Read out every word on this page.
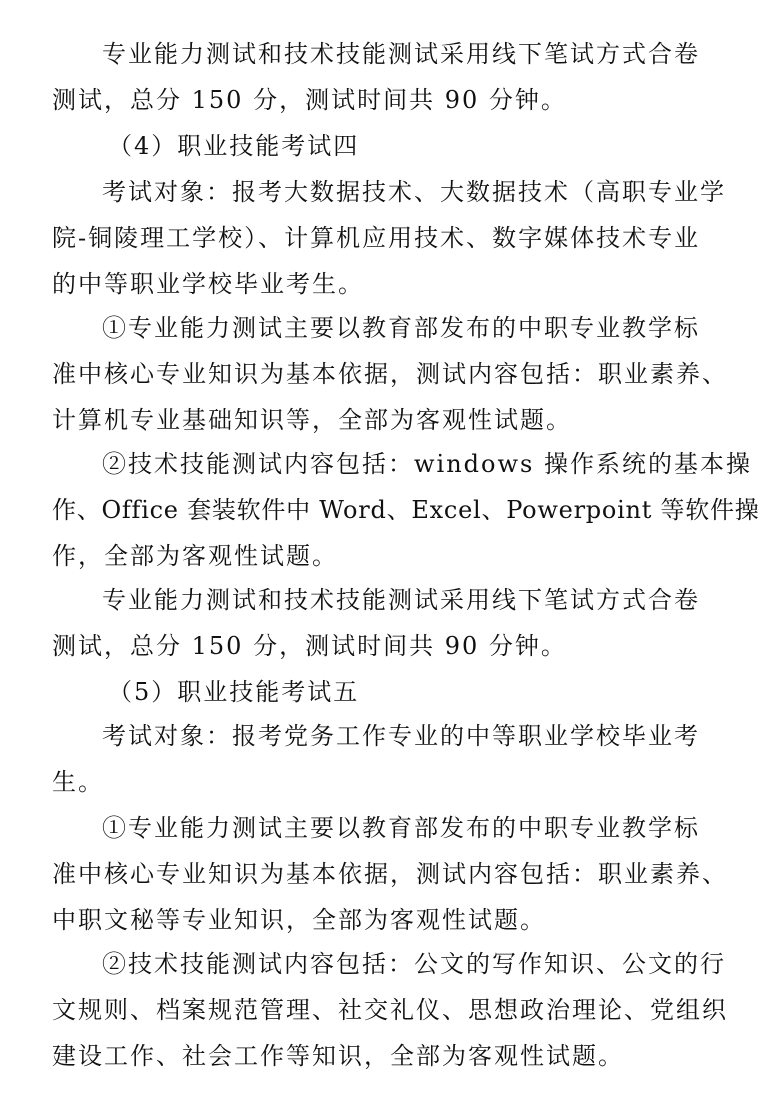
专业能力测试和技术技能测试采用线下笔试方式合卷
测试，总分 150 分，测试时间共 90 分钟。
（4）职业技能考试四
考试对象：报考大数据技术、大数据技术（高职专业学
院-铜陵理工学校）、计算机应用技术、数字媒体技术专业
的中等职业学校毕业考生。
①专业能力测试主要以教育部发布的中职专业教学标
准中核心专业知识为基本依据，测试内容包括：职业素养、
计算机专业基础知识等，全部为客观性试题。
②技术技能测试内容包括：windows 操作系统的基本操
作、Office 套装软件中 Word、Excel、Powerpoint 等软件操
作，全部为客观性试题。
专业能力测试和技术技能测试采用线下笔试方式合卷
测试，总分 150 分，测试时间共 90 分钟。
（5）职业技能考试五
考试对象：报考党务工作专业的中等职业学校毕业考
生。
①专业能力测试主要以教育部发布的中职专业教学标
准中核心专业知识为基本依据，测试内容包括：职业素养、
中职文秘等专业知识，全部为客观性试题。
②技术技能测试内容包括：公文的写作知识、公文的行
文规则、档案规范管理、社交礼仪、思想政治理论、党组织
建设工作、社会工作等知识，全部为客观性试题。
